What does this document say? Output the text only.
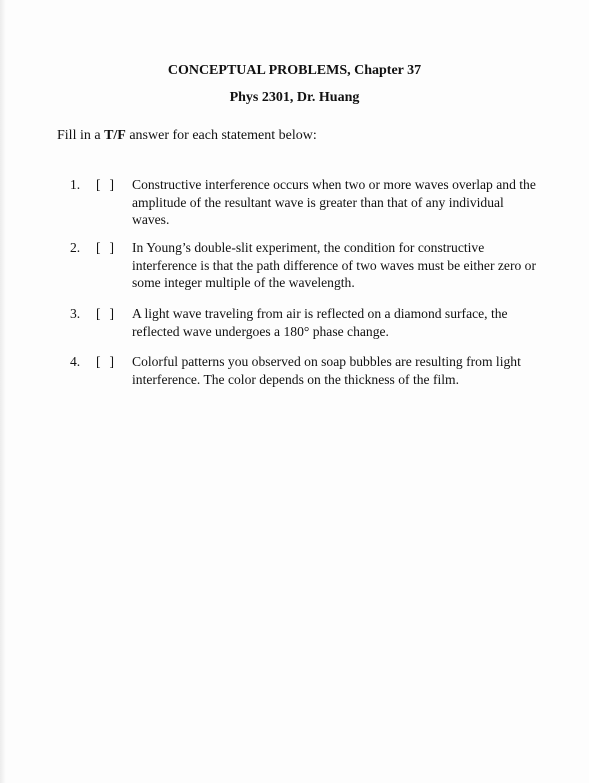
CONCEPTUAL PROBLEMS, Chapter 37
Phys 2301, Dr. Huang
Fill in a T/F answer for each statement below:
1. [ ] Constructive interference occurs when two or more waves overlap and the amplitude of the resultant wave is greater than that of any individual waves.
2. [ ] In Young’s double-slit experiment, the condition for constructive interference is that the path difference of two waves must be either zero or some integer multiple of the wavelength.
3. [ ] A light wave traveling from air is reflected on a diamond surface, the reflected wave undergoes a 180° phase change.
4. [ ] Colorful patterns you observed on soap bubbles are resulting from light interference. The color depends on the thickness of the film.
